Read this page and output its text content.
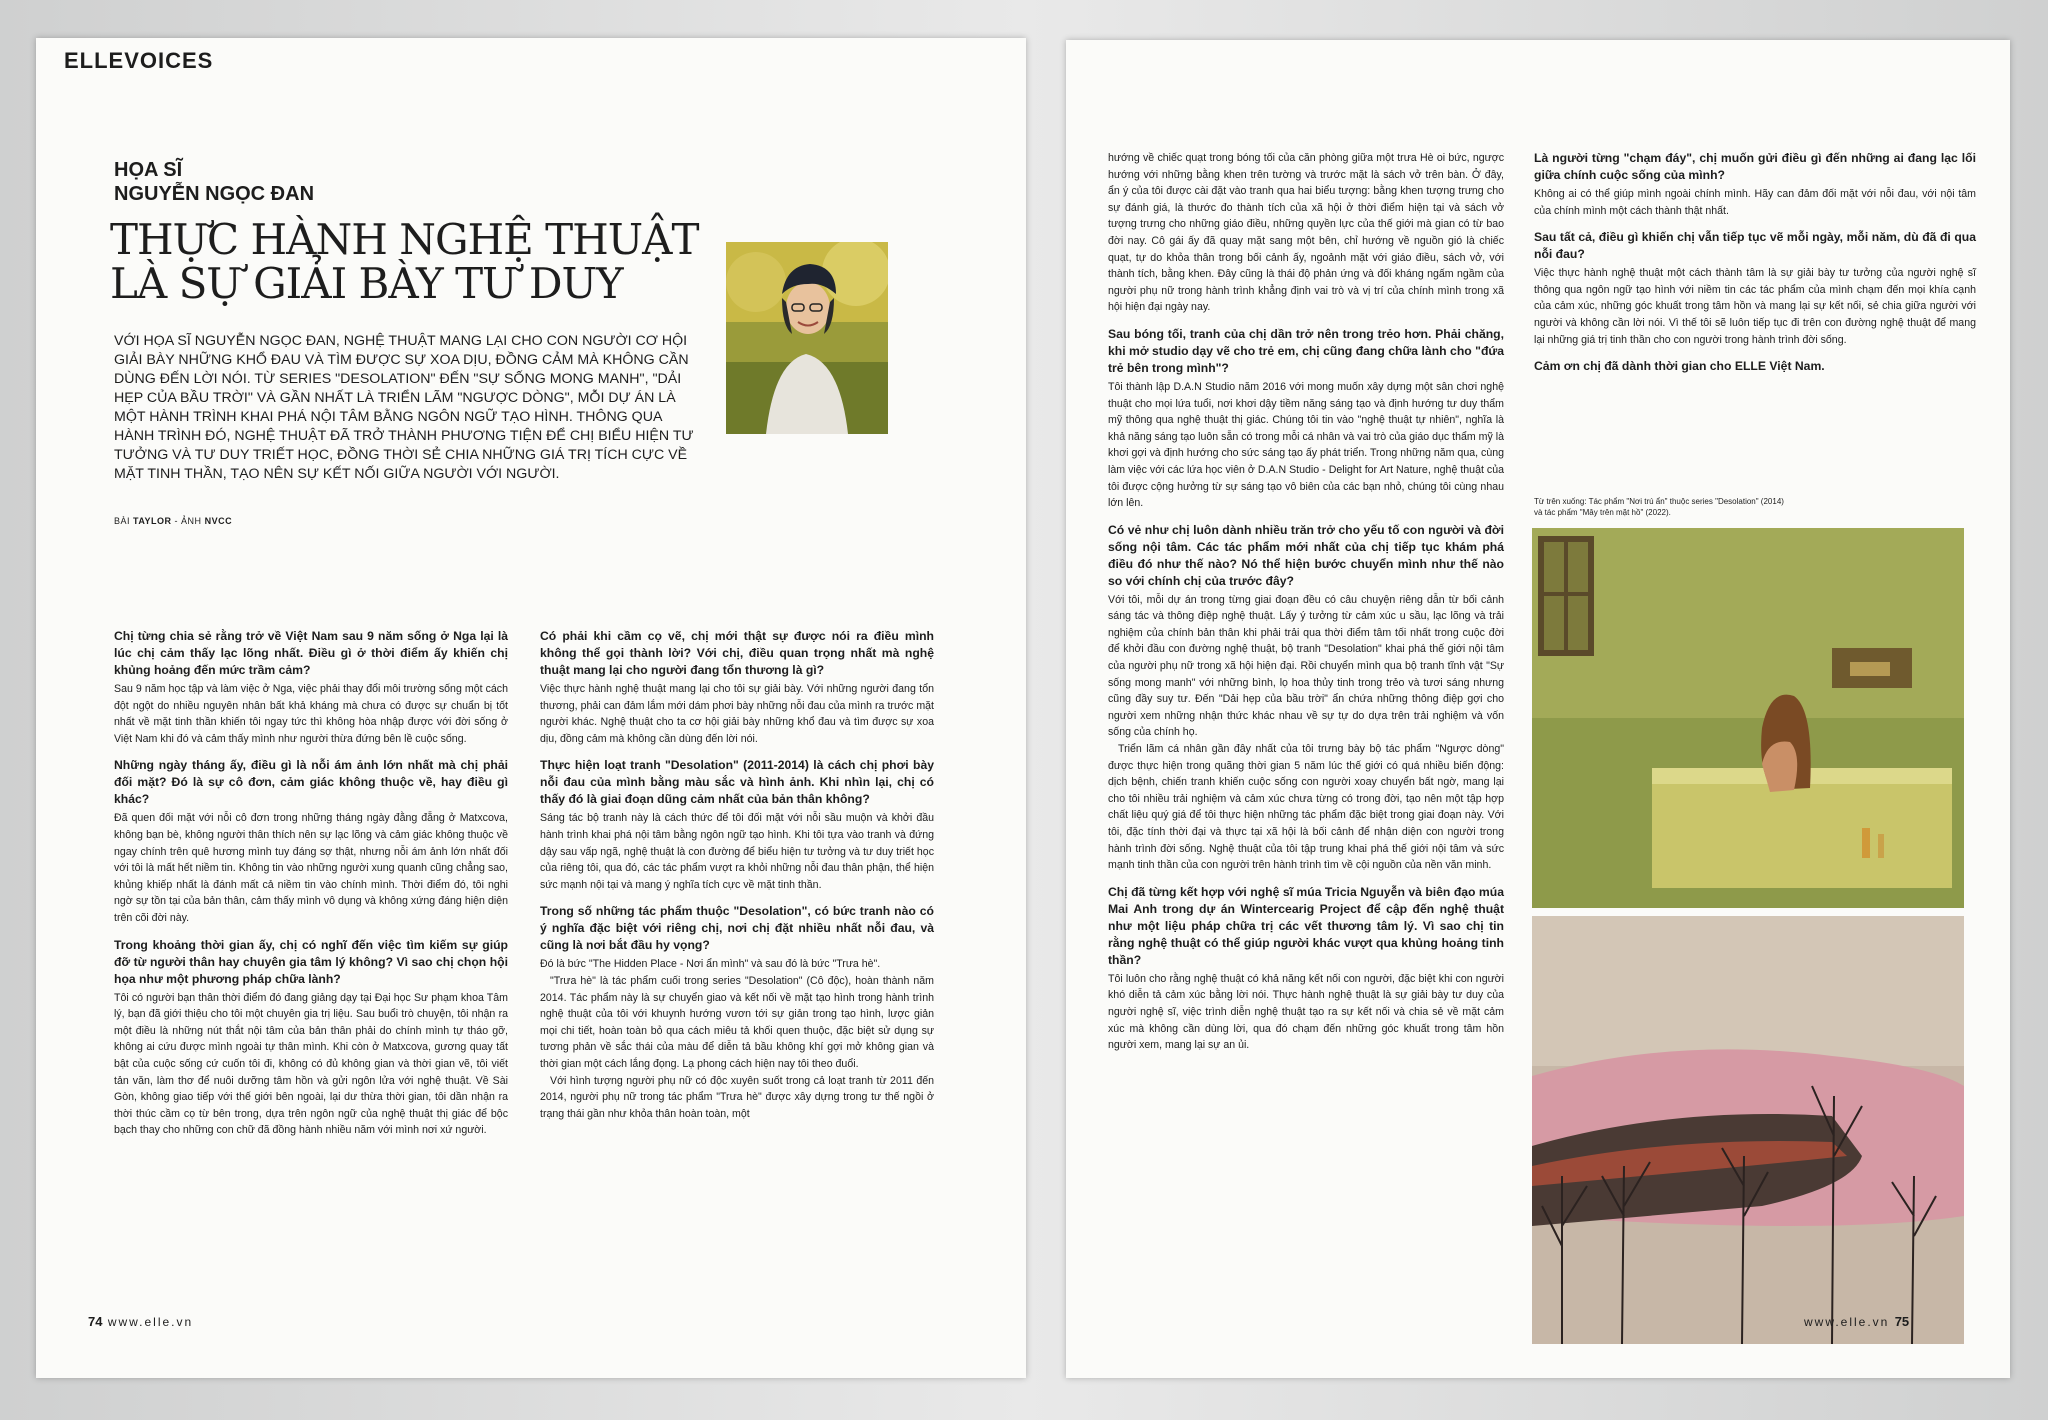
ELLEVOICES
HỌA SĨ
NGUYỄN NGỌC ĐAN
THỰC HÀNH NGHỆ THUẬT
LÀ SỰ GIẢI BÀY TƯ DUY
VỚI HỌA SĨ NGUYỄN NGỌC ĐAN, NGHỆ THUẬT MANG LẠI CHO CON NGƯỜI CƠ HỘI GIẢI BÀY NHỮNG KHỔ ĐAU VÀ TÌM ĐƯỢC SỰ XOA DỊU, ĐỒNG CẢM MÀ KHÔNG CẦN DÙNG ĐẾN LỜI NÓI. TỪ SERIES "DESOLATION" ĐẾN "SỰ SỐNG MONG MANH", "DẢI HẸP CỦA BẦU TRỜI" VÀ GẦN NHẤT LÀ TRIỂN LÃM "NGƯỢC DÒNG", MỖI DỰ ÁN LÀ MỘT HÀNH TRÌNH KHAI PHÁ NỘI TÂM BẰNG NGÔN NGỮ TẠO HÌNH. THÔNG QUA HÀNH TRÌNH ĐÓ, NGHỆ THUẬT ĐÃ TRỞ THÀNH PHƯƠNG TIỆN ĐỂ CHỊ BIỂU HIỆN TƯ TƯỞNG VÀ TƯ DUY TRIẾT HỌC, ĐỒNG THỜI SẺ CHIA NHỮNG GIÁ TRỊ TÍCH CỰC VỀ MẶT TINH THẦN, TẠO NÊN SỰ KẾT NỐI GIỮA NGƯỜI VỚI NGƯỜI.
BÀI TAYLOR - ẢNH NVCC

Chị từng chia sẻ rằng trở về Việt Nam sau 9 năm sống ở Nga lại là lúc chị cảm thấy lạc lõng nhất. Điều gì ở thời điểm ấy khiến chị khủng hoảng đến mức trầm cảm?

Sau 9 năm học tập và làm việc ở Nga, việc phải thay đổi môi trường sống một cách đột ngột do nhiều nguyên nhân bất khả kháng mà chưa có được sự chuẩn bị tốt nhất về mặt tinh thần khiến tôi ngay tức thì không hòa nhập được với đời sống ở Việt Nam khi đó và cảm thấy mình như người thừa đứng bên lề cuộc sống.

Những ngày tháng ấy, điều gì là nỗi ám ảnh lớn nhất mà chị phải đối mặt? Đó là sự cô đơn, cảm giác không thuộc về, hay điều gì khác?

Đã quen đối mặt với nỗi cô đơn trong những tháng ngày đằng đẵng ở Matxcova, không bạn bè, không người thân thích nên sự lạc lõng và cảm giác không thuộc về ngay chính trên quê hương mình tuy đáng sợ thật, nhưng nỗi ám ảnh lớn nhất đối với tôi là mất hết niềm tin. Không tin vào những người xung quanh cũng chẳng sao, khủng khiếp nhất là đánh mất cả niềm tin vào chính mình. Thời điểm đó, tôi nghi ngờ sự tồn tại của bản thân, cảm thấy mình vô dụng và không xứng đáng hiện diện trên cõi đời này.

Trong khoảng thời gian ấy, chị có nghĩ đến việc tìm kiếm sự giúp đỡ từ người thân hay chuyên gia tâm lý không? Vì sao chị chọn hội họa như một phương pháp chữa lành?

Tôi có người bạn thân thời điểm đó đang giảng dạy tại Đại học Sư phạm khoa Tâm lý, bạn đã giới thiệu cho tôi một chuyên gia trị liệu. Sau buổi trò chuyện, tôi nhận ra một điều là những nút thắt nội tâm của bản thân phải do chính mình tự tháo gỡ, không ai cứu được mình ngoài tự thân mình. Khi còn ở Matxcova, gương quay tất bật của cuộc sống cứ cuốn tôi đi, không có đủ không gian và thời gian vẽ, tôi viết tản văn, làm thơ để nuôi dưỡng tâm hồn và gửi ngôn lửa với nghệ thuật. Về Sài Gòn, không giao tiếp với thế giới bên ngoài, lại dư thừa thời gian, tôi dần nhận ra thời thúc cầm cọ từ bên trong, dựa trên ngôn ngữ của nghệ thuật thị giác để bộc bạch thay cho những con chữ đã đồng hành nhiều năm với mình nơi xứ người.

Có phải khi cầm cọ vẽ, chị mới thật sự được nói ra điều mình không thể gọi thành lời? Với chị, điều quan trọng nhất mà nghệ thuật mang lại cho người đang tổn thương là gì?

Việc thực hành nghệ thuật mang lại cho tôi sự giải bày. Với những người đang tổn thương, phải can đảm lắm mới dám phơi bày những nỗi đau của mình ra trước mặt người khác. Nghệ thuật cho ta cơ hội giải bày những khổ đau và tìm được sự xoa dịu, đồng cảm mà không cần dùng đến lời nói.

Thực hiện loạt tranh "Desolation" (2011-2014) là cách chị phơi bày nỗi đau của mình bằng màu sắc và hình ảnh. Khi nhìn lại, chị có thấy đó là giai đoạn dũng cảm nhất của bản thân không?

Sáng tác bộ tranh này là cách thức để tôi đối mặt với nỗi sầu muộn và khởi đầu hành trình khai phá nội tâm bằng ngôn ngữ tạo hình. Khi tôi tựa vào tranh và đứng dậy sau vấp ngã, nghệ thuật là con đường để biểu hiện tư tưởng và tư duy triết học của riêng tôi, qua đó, các tác phẩm vượt ra khỏi những nỗi đau thân phận, thể hiện sức mạnh nội tại và mang ý nghĩa tích cực về mặt tinh thần.

Trong số những tác phẩm thuộc "Desolation", có bức tranh nào có ý nghĩa đặc biệt với riêng chị, nơi chị đặt nhiều nhất nỗi đau, và cũng là nơi bắt đầu hy vọng?

Đó là bức "The Hidden Place - Nơi ẩn mình" và sau đó là bức "Trưa hè".

"Trưa hè" là tác phẩm cuối trong series "Desolation" (Cô độc), hoàn thành năm 2014. Tác phẩm này là sự chuyển giao và kết nối về mặt tạo hình trong hành trình nghệ thuật của tôi với khuynh hướng vươn tới sự giản trong tạo hình, lược giản mọi chi tiết, hoàn toàn bỏ qua cách miêu tả khối quen thuộc, đặc biệt sử dụng sự tương phản về sắc thái của màu để diễn tả bầu không khí gợi mở không gian và thời gian một cách lắng đọng. Lạ phong cách hiện nay tôi theo đuổi.

Với hình tượng người phụ nữ có độc xuyên suốt trong cả loạt tranh từ 2011 đến 2014, người phụ nữ trong tác phẩm "Trưa hè" được xây dựng trong tư thế ngồi ở trạng thái gần như khỏa thân hoàn toàn, một

74 www.elle.vn

hướng về chiếc quạt trong bóng tối của căn phòng giữa một trưa Hè oi bức, ngược hướng với những bằng khen trên tường và trước mặt là sách vở trên bàn. Ở đây, ẩn ý của tôi được cài đặt vào tranh qua hai biểu tượng: bằng khen tượng trưng cho sự đánh giá, là thước đo thành tích của xã hội ở thời điểm hiện tại và sách vở tượng trưng cho những giáo điều, những quyền lực của thế giới mà gian có từ bao đời nay. Cô gái ấy đã quay mặt sang một bên, chỉ hướng về nguồn gió là chiếc quạt, tự do khỏa thân trong bối cảnh ấy, ngoảnh mặt với giáo điều, sách vở, với thành tích, bằng khen. Đây cũng là thái độ phản ứng và đối kháng ngấm ngầm của người phụ nữ trong hành trình khẳng định vai trò và vị trí của chính mình trong xã hội hiện đại ngày nay.

Sau bóng tối, tranh của chị dần trở nên trong trẻo hơn. Phải chăng, khi mở studio dạy vẽ cho trẻ em, chị cũng đang chữa lành cho "đứa trẻ bên trong mình"?

Tôi thành lập D.A.N Studio năm 2016 với mong muốn xây dựng một sân chơi nghệ thuật cho mọi lứa tuổi, nơi khơi dậy tiềm năng sáng tạo và định hướng tư duy thẩm mỹ thông qua nghệ thuật thị giác. Chúng tôi tin vào "nghệ thuật tự nhiên", nghĩa là khả năng sáng tạo luôn sẵn có trong mỗi cá nhân và vai trò của giáo dục thẩm mỹ là khơi gợi và định hướng cho sức sáng tạo ấy phát triển. Trong những năm qua, cùng làm việc với các lứa học viên ở D.A.N Studio - Delight for Art Nature, nghệ thuật của tôi được cộng hưởng từ sự sáng tạo vô biên của các bạn nhỏ, chúng tôi cùng nhau lớn lên.

Có vẻ như chị luôn dành nhiều trăn trở cho yếu tố con người và đời sống nội tâm. Các tác phẩm mới nhất của chị tiếp tục khám phá điều đó như thế nào? Nó thể hiện bước chuyển mình như thế nào so với chính chị của trước đây?

Với tôi, mỗi dự án trong từng giai đoạn đều có câu chuyện riêng dẫn từ bối cảnh sáng tác và thông điệp nghệ thuật. Lấy ý tưởng từ cảm xúc u sầu, lạc lõng và trải nghiệm của chính bản thân khi phải trải qua thời điểm tâm tối nhất trong cuộc đời để khởi đầu con đường nghệ thuật, bộ tranh "Desolation" khai phá thế giới nội tâm của người phụ nữ trong xã hội hiện đại. Rồi chuyển mình qua bộ tranh tĩnh vật "Sự sống mong manh" với những bình, lọ hoa thủy tinh trong trẻo và tươi sáng nhưng cũng đầy suy tư. Đến "Dải hẹp của bầu trời" ẩn chứa những thông điệp gợi cho người xem những nhận thức khác nhau về sự tự do dựa trên trải nghiệm và vốn sống của chính họ.

Triển lãm cá nhân gần đây nhất của tôi trưng bày bộ tác phẩm "Ngược dòng" được thực hiện trong quãng thời gian 5 năm lúc thế giới có quá nhiều biến động: dịch bệnh, chiến tranh khiến cuộc sống con người xoay chuyển bất ngờ, mang lại cho tôi nhiều trải nghiệm và cảm xúc chưa từng có trong đời, tạo nên một tập hợp chất liệu quý giá để tôi thực hiện những tác phẩm đặc biệt trong giai đoạn này. Với tôi, đặc tính thời đại và thực tại xã hội là bối cảnh để nhận diện con người trong hành trình đời sống. Nghệ thuật của tôi tập trung khai phá thế giới nội tâm và sức mạnh tinh thần của con người trên hành trình tìm về cội nguồn của nền văn minh.

Chị đã từng kết hợp với nghệ sĩ múa Tricia Nguyễn và biên đạo múa Mai Anh trong dự án Wintercearig Project để cập đến nghệ thuật như một liệu pháp chữa trị các vết thương tâm lý. Vì sao chị tin rằng nghệ thuật có thể giúp người khác vượt qua khủng hoảng tinh thần?

Tôi luôn cho rằng nghệ thuật có khả năng kết nối con người, đặc biệt khi con người khó diễn tả cảm xúc bằng lời nói. Thực hành nghệ thuật là sự giải bày tư duy của người nghệ sĩ, việc trình diễn nghệ thuật tạo ra sự kết nối và chia sẻ về mặt cảm xúc mà không cần dùng lời, qua đó chạm đến những góc khuất trong tâm hồn người xem, mang lại sự an ủi.

Là người từng "chạm đáy", chị muốn gửi điều gì đến những ai đang lạc lối giữa chính cuộc sống của mình?

Không ai có thể giúp mình ngoài chính mình. Hãy can đảm đối mặt với nỗi đau, với nội tâm của chính mình một cách thành thật nhất.

Sau tất cả, điều gì khiến chị vẫn tiếp tục vẽ mỗi ngày, mỗi năm, dù đã đi qua nỗi đau?

Việc thực hành nghệ thuật một cách thành tâm là sự giải bày tư tưởng của người nghệ sĩ thông qua ngôn ngữ tạo hình với niềm tin các tác phẩm của mình chạm đến mọi khía cạnh của cảm xúc, những góc khuất trong tâm hồn và mang lại sự kết nối, sẻ chia giữa người với người và không cần lời nói. Vì thế tôi sẽ luôn tiếp tục đi trên con đường nghệ thuật để mang lại những giá trị tinh thần cho con người trong hành trình đời sống.

Cảm ơn chị đã dành thời gian cho ELLE Việt Nam.

Từ trên xuống: Tác phẩm "Nơi trú ẩn" thuộc series "Desolation" (2014)
và tác phẩm "Mây trên mặt hồ" (2022).
www.elle.vn 75
